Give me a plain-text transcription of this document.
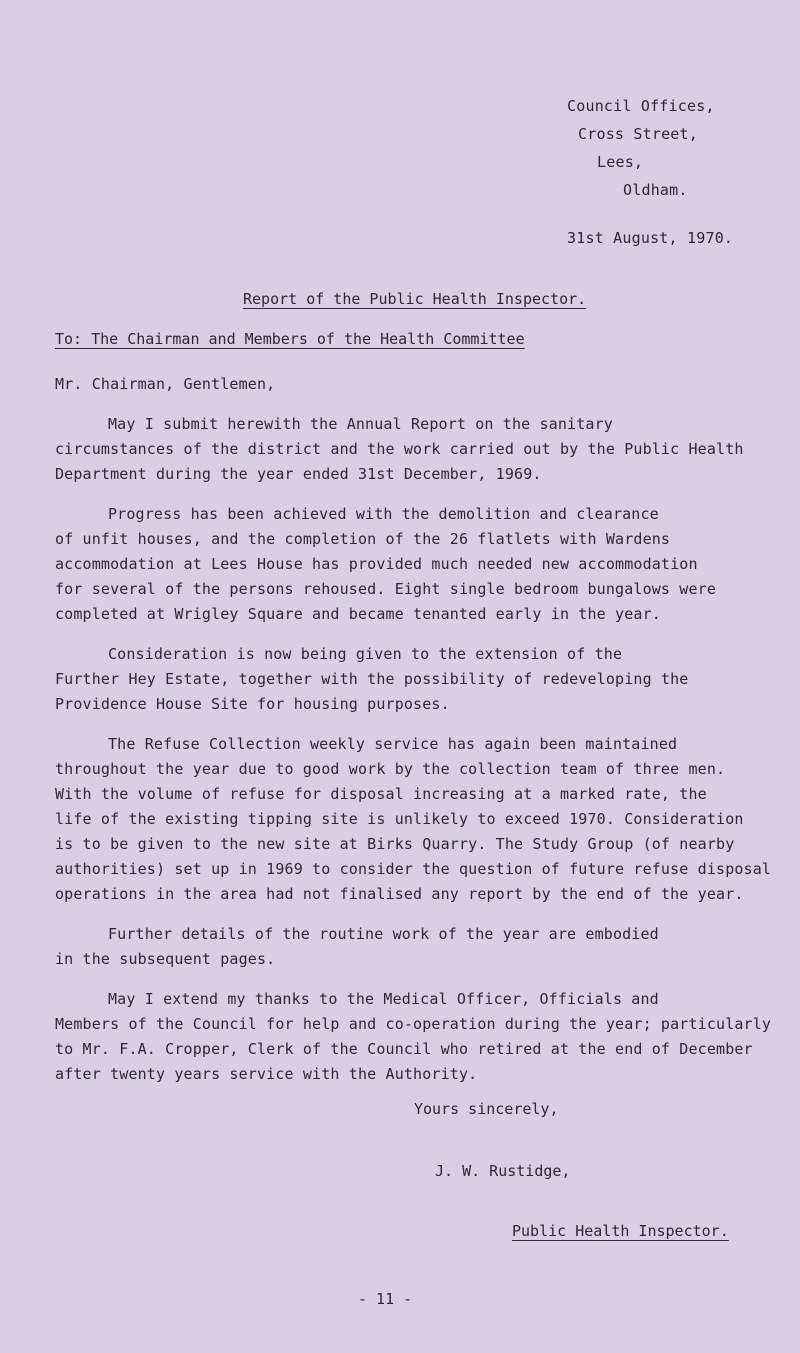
Council Offices,
Cross Street,
Lees,
Oldham.
31st August, 1970.
Report of the Public Health Inspector.
To: The Chairman and Members of the Health Committee
Mr. Chairman, Gentlemen,
May I submit herewith the Annual Report on the sanitary
circumstances of the district and the work carried out by the Public Health
Department during the year ended 31st December, 1969.
Progress has been achieved with the demolition and clearance
of unfit houses, and the completion of the 26 flatlets with Wardens
accommodation at Lees House has provided much needed new accommodation
for several of the persons rehoused. Eight single bedroom bungalows were
completed at Wrigley Square and became tenanted early in the year.
Consideration is now being given to the extension of the
Further Hey Estate, together with the possibility of redeveloping the
Providence House Site for housing purposes.
The Refuse Collection weekly service has again been maintained
throughout the year due to good work by the collection team of three men.
With the volume of refuse for disposal increasing at a marked rate, the
life of the existing tipping site is unlikely to exceed 1970. Consideration
is to be given to the new site at Birks Quarry. The Study Group (of nearby
authorities) set up in 1969 to consider the question of future refuse disposal
operations in the area had not finalised any report by the end of the year.
Further details of the routine work of the year are embodied
in the subsequent pages.
May I extend my thanks to the Medical Officer, Officials and
Members of the Council for help and co-operation during the year; particularly
to Mr. F.A. Cropper, Clerk of the Council who retired at the end of December
after twenty years service with the Authority.
Yours sincerely,
J. W. Rustidge,
Public Health Inspector.
- 11 -
